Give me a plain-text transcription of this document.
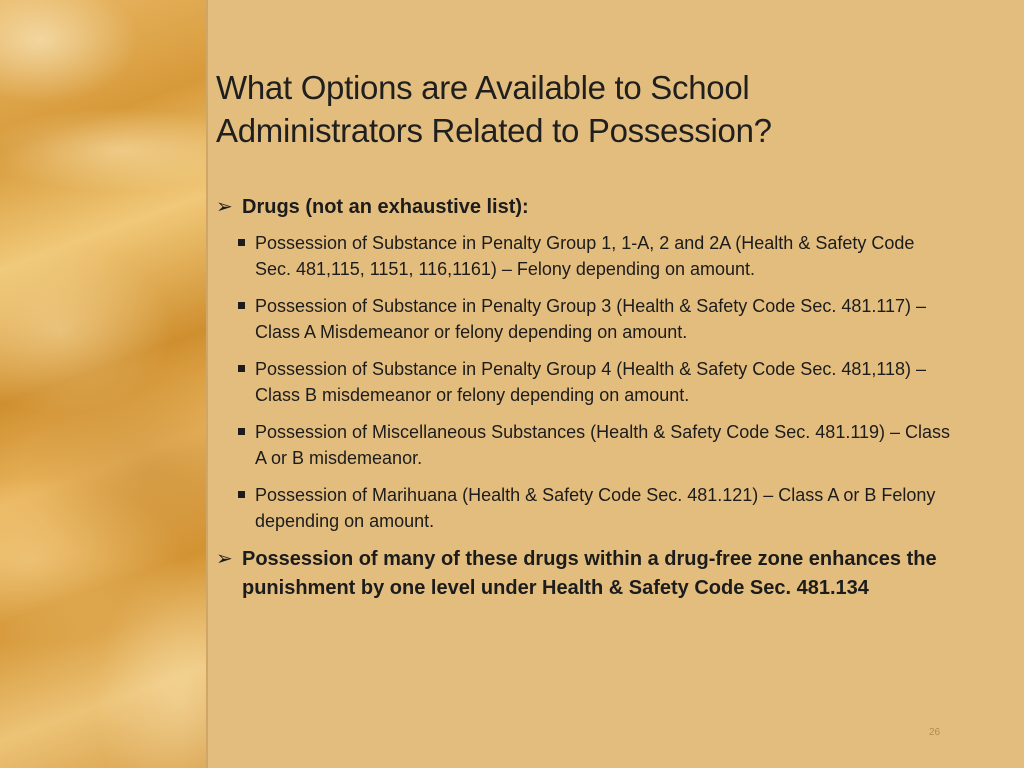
What Options are Available to School
Administrators Related to Possession?
➢ Drugs (not an exhaustive list):
Possession of Substance in Penalty Group 1, 1-A, 2 and 2A (Health & Safety Code Sec. 481,115, 1151, 116,1161) – Felony depending on amount.
Possession of Substance in Penalty Group 3 (Health & Safety Code Sec. 481.117) – Class A Misdemeanor or felony depending on amount.
Possession of Substance in Penalty Group 4 (Health & Safety Code Sec. 481,118) – Class B misdemeanor or felony depending on amount.
Possession of Miscellaneous Substances (Health & Safety Code Sec. 481.119) – Class A or B misdemeanor.
Possession of Marihuana (Health & Safety Code Sec. 481.121) – Class A or B Felony depending on amount.
➢ Possession of many of these drugs within a drug-free zone enhances the punishment by one level under Health & Safety Code Sec. 481.134
26
